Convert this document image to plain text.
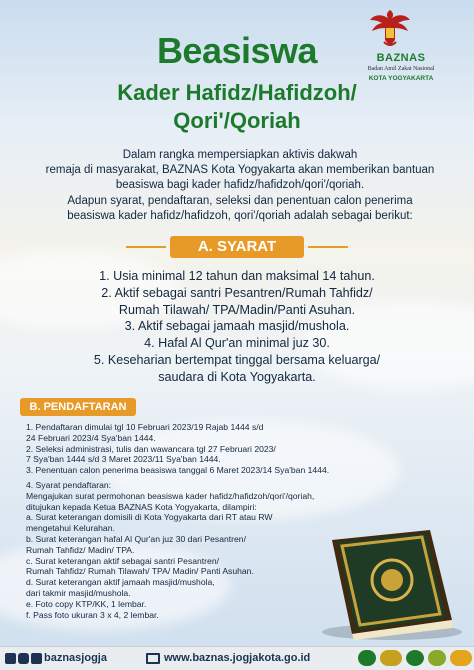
BAZNAS
Badan Amil Zakat Nasional
KOTA YOGYAKARTA
Beasiswa
Kader Hafidz/Hafidzoh/
Qori'/Qoriah

Dalam rangka mempersiapkan aktivis dakwah

remaja di masyarakat, BAZNAS Kota Yogyakarta akan memberikan bantuan

beasiswa bagi kader hafidz/hafidzoh/qori'/qoriah.

Adapun syarat, pendaftaran, seleksi dan penentuan calon penerima

beasiswa kader hafidz/hafidzoh, qori'/qoriah adalah sebagai berikut:

A. SYARAT

1. Usia minimal 12 tahun dan maksimal 14 tahun.

2. Aktif sebagai santri Pesantren/Rumah Tahfidz/

Rumah Tilawah/ TPA/Madin/Panti Asuhan.

3. Aktif sebagai jamaah masjid/mushola.

4. Hafal Al Qur'an minimal juz 30.

5. Keseharian bertempat tinggal bersama keluarga/

saudara di Kota Yogyakarta.

B. PENDAFTARAN

1. Pendaftaran dimulai tgl 10 Februari 2023/19 Rajab 1444 s/d

24 Februari 2023/4 Sya'ban 1444.

2. Seleksi administrasi, tulis dan wawancara tgl 27 Februari 2023/

7 Sya'ban 1444 s/d 3 Maret 2023/11 Sya'ban 1444.

3. Penentuan calon penerima beasiswa tanggal 6 Maret 2023/14 Sya'ban 1444.

4. Syarat pendaftaran:

Mengajukan surat permohonan beasiswa kader hafidz/hafidzoh/qori'/qoriah,

ditujukan kepada Ketua BAZNAS Kota Yogyakarta, dilampiri:

a. Surat keterangan domisili di Kota Yogyakarta dari RT atau RW

mengetahui Kelurahan.

b. Surat keterangan hafal Al Qur'an juz 30 dari Pesantren/

Rumah Tahfidz/ Madin/ TPA.

c. Surat keterangan aktif sebagai santri Pesantren/

Rumah Tahfidz/ Rumah Tilawah/ TPA/ Madin/ Panti Asuhan.

d. Surat keterangan aktif jamaah masjid/mushola,

dari takmir masjid/mushola.

e. Foto copy KTP/KK, 1 lembar.

f. Pass foto ukuran 3 x 4, 2 lembar.

baznasjogja	www.baznas.jogjakota.go.id
